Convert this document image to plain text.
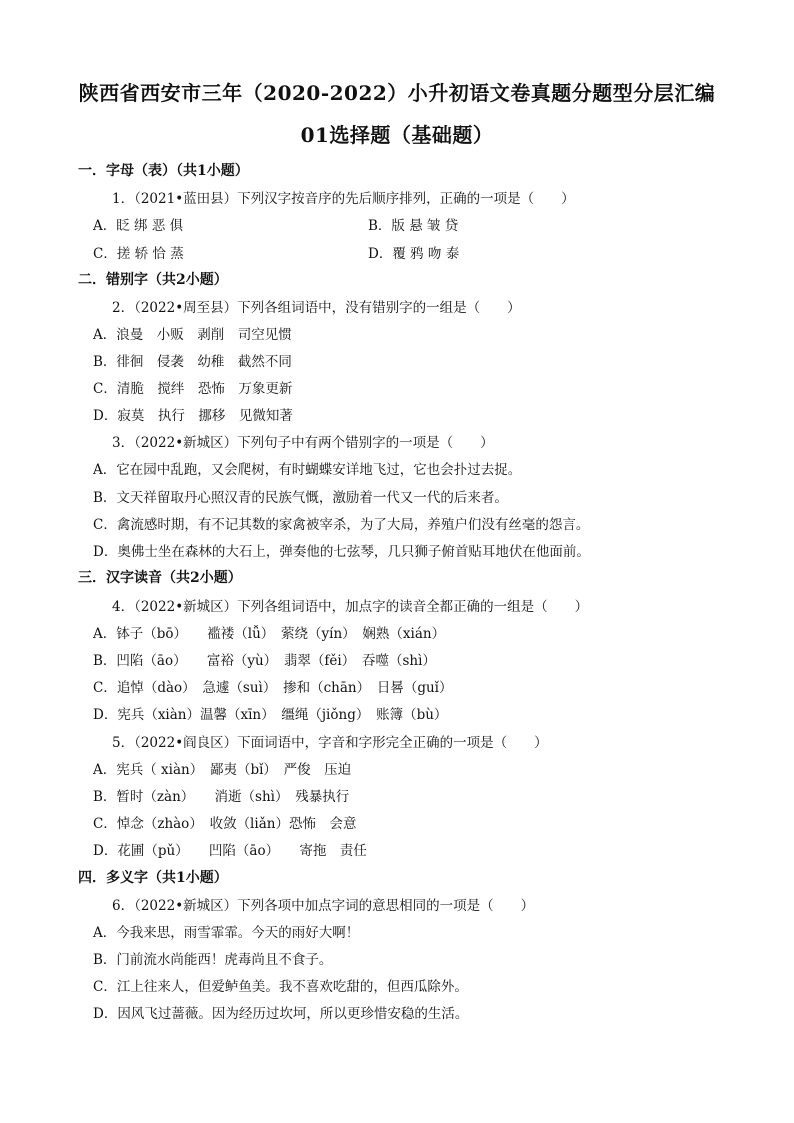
陕西省西安市三年（2020-2022）小升初语文卷真题分题型分层汇编
01选择题（基础题）
一．字母（表）（共1小题）
1．（2021•蓝田县）下列汉字按音序的先后顺序排列，正确的一项是（　　）
A．眨 绑 恶 俱	B．版 悬 皱 贷
C．搓 轿 恰 蒸	D．覆 鸦 吻 泰
二．错别字（共2小题）
2．（2022•周至县）下列各组词语中，没有错别字的一组是（　　）
A．浪曼　小贩　剥削　司空见惯
B．徘徊　侵袭　幼稚　截然不同
C．清脆　搅绊　恐怖　万象更新
D．寂莫　执行　挪移　见微知著
3．（2022•新城区）下列句子中有两个错别字的一项是（　　）
A．它在园中乱跑，又会爬树，有时蝴蝶安详地飞过，它也会扑过去捉。
B．文天祥留取丹心照汉青的民族气慨，激励着一代又一代的后来者。
C．禽流感时期，有不记其数的家禽被宰杀，为了大局，养殖户们没有丝毫的怨言。
D．奥佛士坐在森林的大石上，弹奏他的七弦琴，几只狮子俯首贴耳地伏在他面前。
三．汉字读音（共2小题）
4．（2022•新城区）下列各组词语中，加点字的读音全都正确的一组是（　　）
A．钵子（bō）　　褴褛（lǚ）　萦绕（yín）　娴熟（xián）
B．凹陷（āo）　　富裕（yù）　翡翠（fěi）　吞噬（shì）
C．追悼（dào）　急遽（suì）　掺和（chān）　日晷（guǐ）
D．宪兵（xiàn）温馨（xīn）　缰绳（jiǒng）　账簿（bù）
5．（2022•阎良区）下面词语中，字音和字形完全正确的一项是（　　）
A．宪兵（ xiàn）　鄙夷（bǐ）　严俊　压迫
B．暂时（zàn）　　消逝（shì）　残暴执行
C．悼念（zhào）　收敛（liǎn）恐怖　会意
D．花圃（pǔ）　　凹陷（āo）　　寄拖　责任
四．多义字（共1小题）
6．（2022•新城区）下列各项中加点字词的意思相同的一项是（　　）
A．今我来思，雨雪霏霏。今天的雨好大啊！
B．门前流水尚能西！虎毒尚且不食子。
C．江上往来人，但爱鲈鱼美。我不喜欢吃甜的，但西瓜除外。
D．因风飞过蔷薇。因为经历过坎坷，所以更珍惜安稳的生活。
